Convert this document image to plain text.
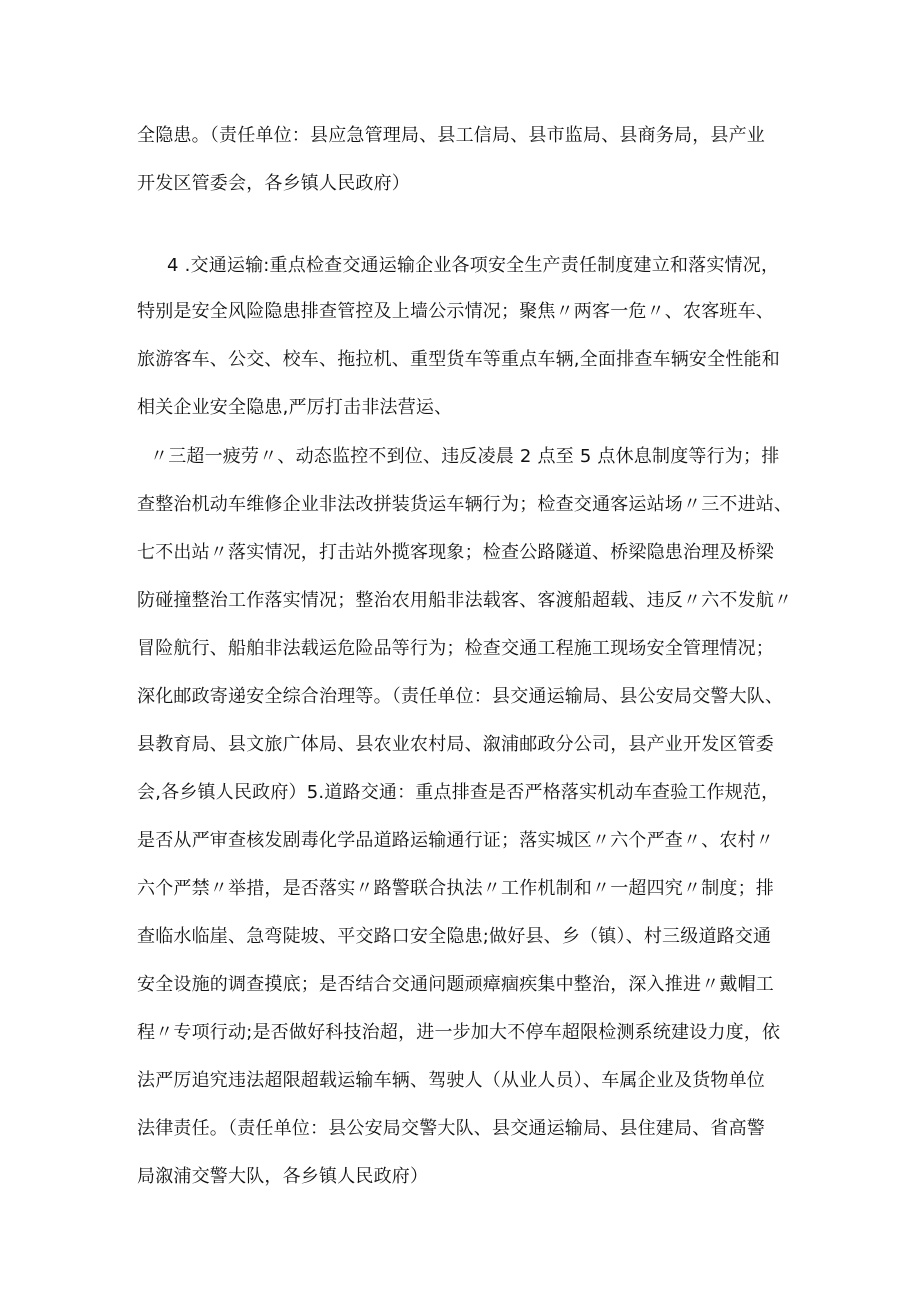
全隐患。（责任单位：县应急管理局、县工信局、县市监局、县商务局，县产业
开发区管委会，各乡镇人民政府）
4 .交通运输:重点检查交通运输企业各项安全生产责任制度建立和落实情况，
特别是安全风险隐患排查管控及上墙公示情况；聚焦〃两客一危〃、农客班车、
旅游客车、公交、校车、拖拉机、重型货车等重点车辆,全面排查车辆安全性能和
相关企业安全隐患,严厉打击非法营运、
〃三超一疲劳〃、动态监控不到位、违反凌晨 2 点至 5 点休息制度等行为；排
查整治机动车维修企业非法改拼装货运车辆行为；检查交通客运站场〃三不进站、
七不出站〃落实情况，打击站外揽客现象；检查公路隧道、桥梁隐患治理及桥梁
防碰撞整治工作落实情况；整治农用船非法载客、客渡船超载、违反〃六不发航〃
冒险航行、船舶非法载运危险品等行为；检查交通工程施工现场安全管理情况；
深化邮政寄递安全综合治理等。（责任单位：县交通运输局、县公安局交警大队、
县教育局、县文旅广体局、县农业农村局、溆浦邮政分公司，县产业开发区管委
会,各乡镇人民政府）5.道路交通：重点排查是否严格落实机动车查验工作规范，
是否从严审查核发剧毒化学品道路运输通行证；落实城区〃六个严查〃、农村〃
六个严禁〃举措，是否落实〃路警联合执法〃工作机制和〃一超四究〃制度；排
查临水临崖、急弯陡坡、平交路口安全隐患;做好县、乡（镇）、村三级道路交通
安全设施的调查摸底；是否结合交通问题顽瘴痼疾集中整治，深入推进〃戴帽工
程〃专项行动;是否做好科技治超，进一步加大不停车超限检测系统建设力度，依
法严厉追究违法超限超载运输车辆、驾驶人（从业人员）、车属企业及货物单位
法律责任。（责任单位：县公安局交警大队、县交通运输局、县住建局、省高警
局溆浦交警大队，各乡镇人民政府）
